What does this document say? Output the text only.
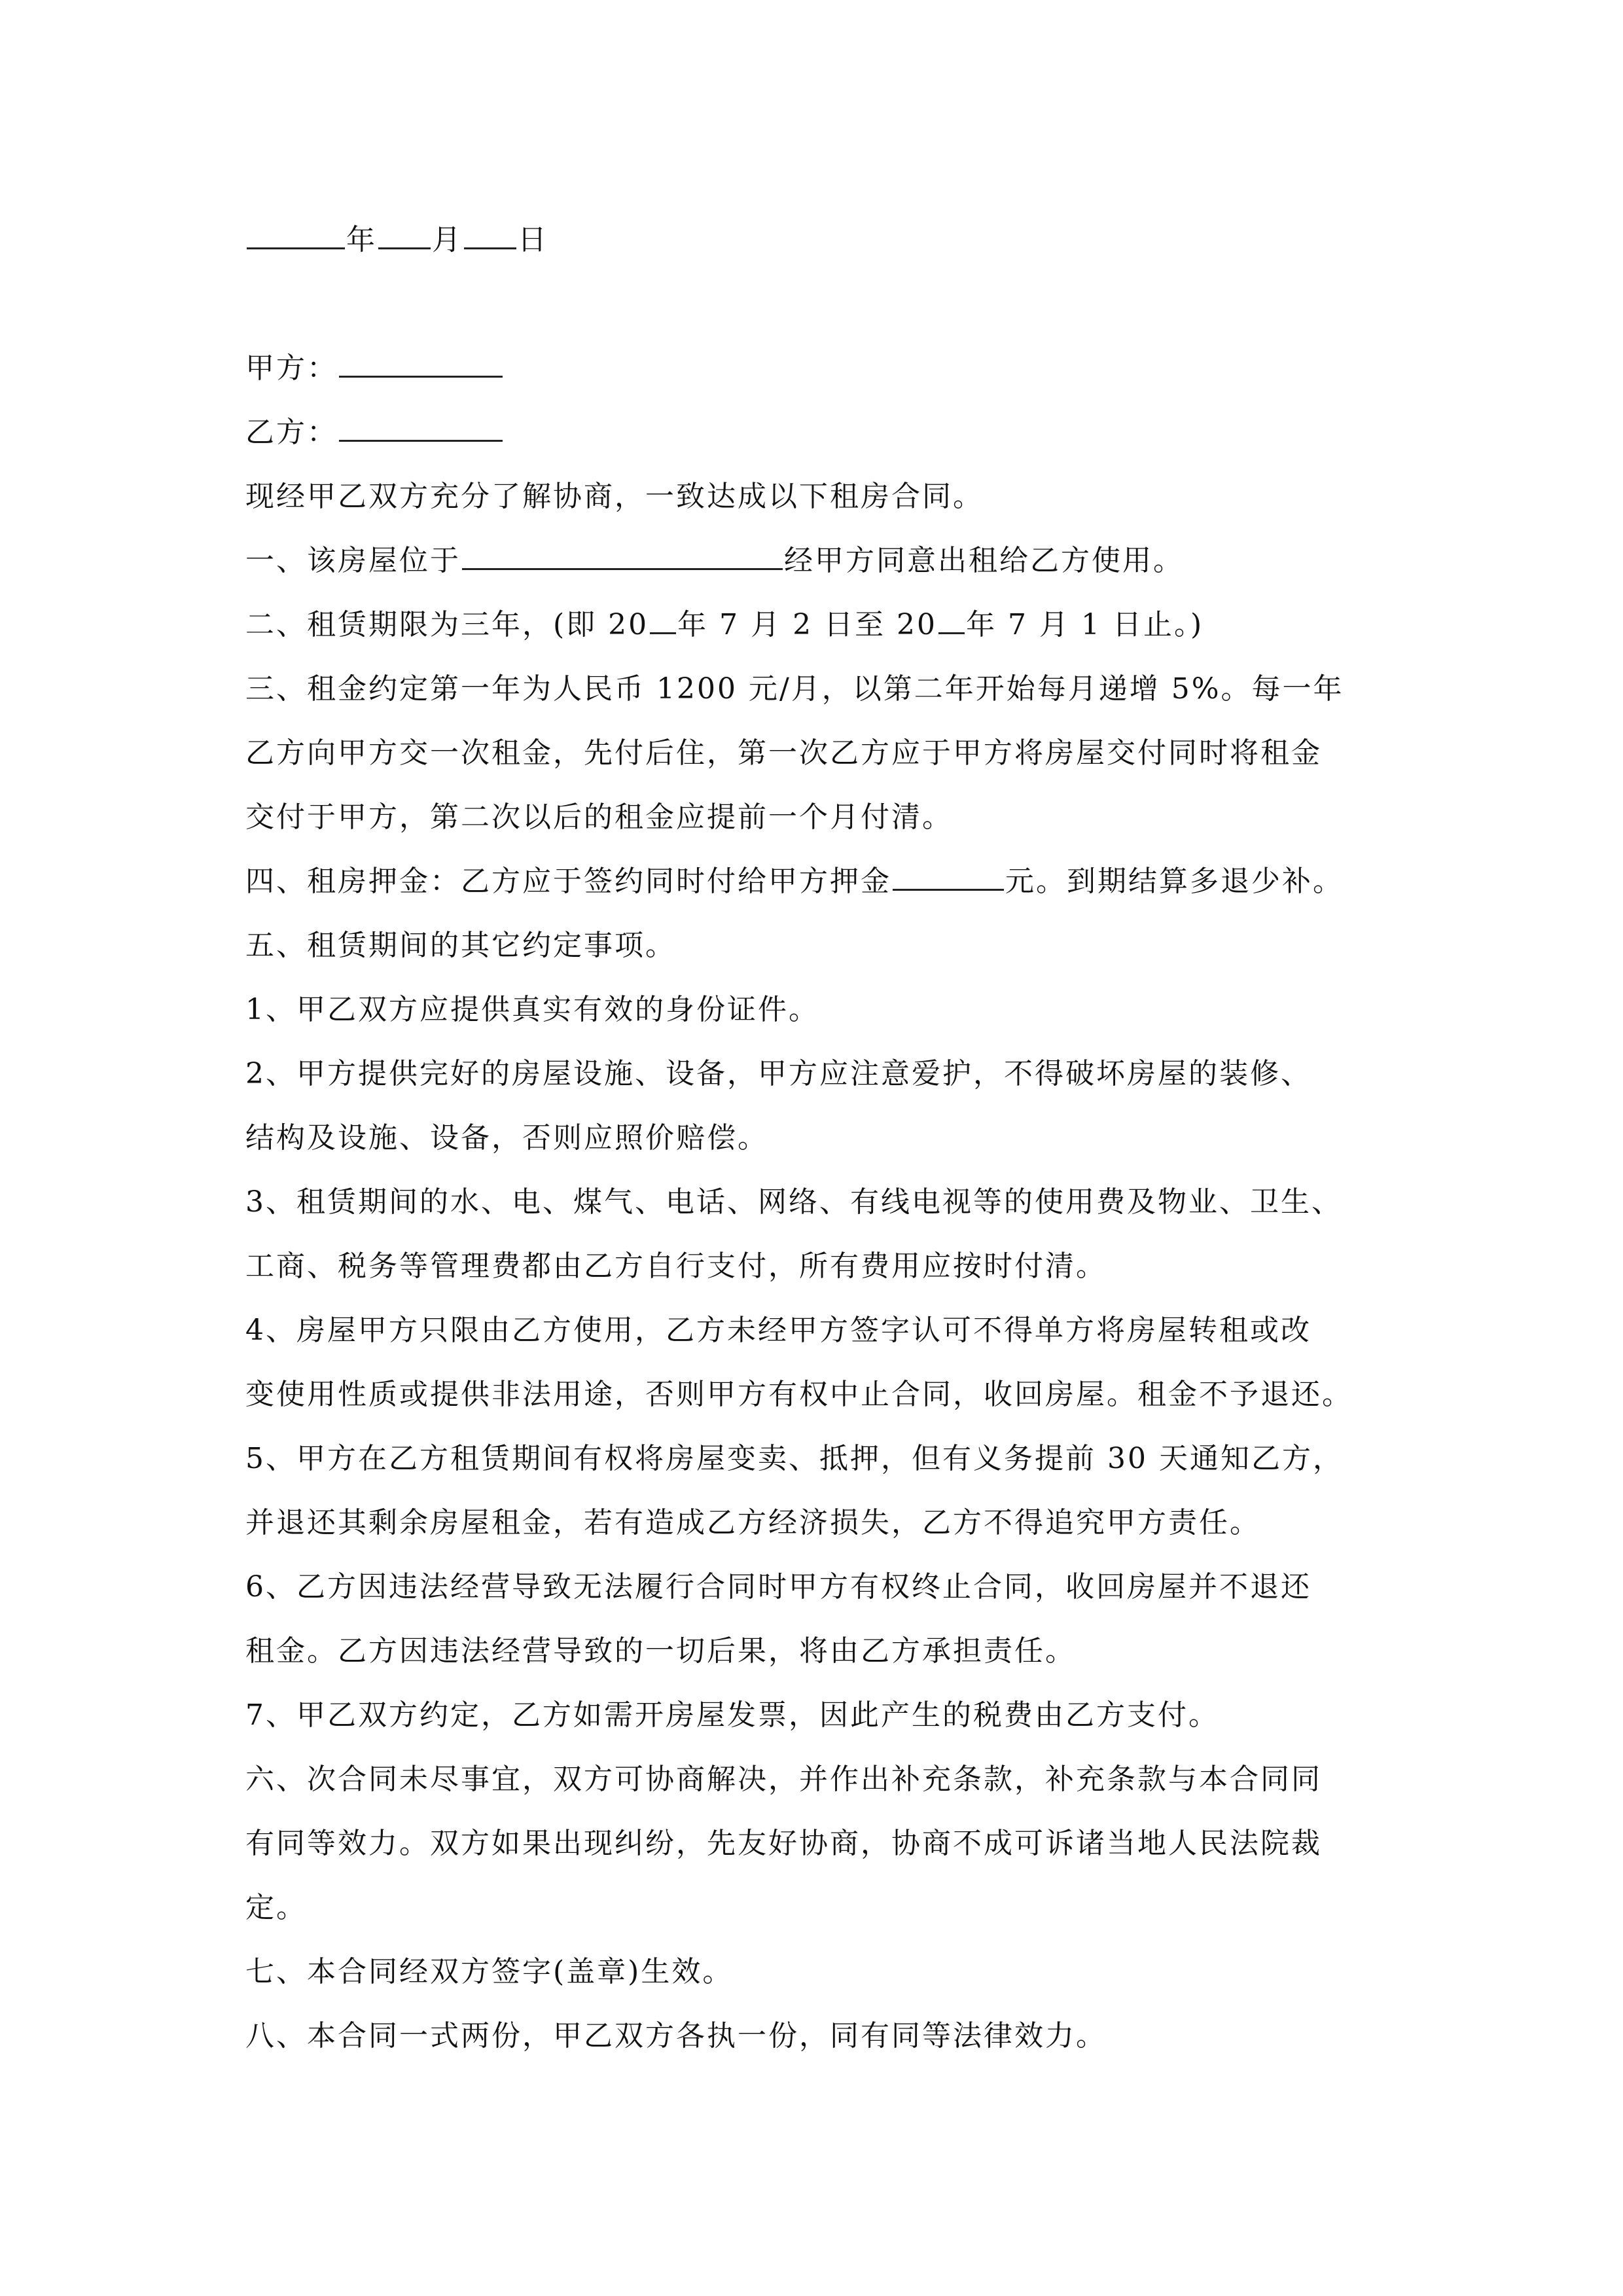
年 月 日
甲方：
乙方：
现经甲乙双方充分了解协商，一致达成以下租房合同。
一、该房屋位于	经甲方同意出租给乙方使用。
二、租赁期限为三年，(即 20 年 7 月 2 日至 20 年 7 月 1 日止。)
三、租金约定第一年为人民币 1200 元/月，以第二年开始每月递增 5%。每一年
乙方向甲方交一次租金，先付后住，第一次乙方应于甲方将房屋交付同时将租金
交付于甲方，第二次以后的租金应提前一个月付清。
四、租房押金：乙方应于签约同时付给甲方押金	元。到期结算多退少补。
五、租赁期间的其它约定事项。
1、甲乙双方应提供真实有效的身份证件。
2、甲方提供完好的房屋设施、设备，甲方应注意爱护，不得破坏房屋的装修、
结构及设施、设备，否则应照价赔偿。
3、租赁期间的水、电、煤气、电话、网络、有线电视等的使用费及物业、卫生、
工商、税务等管理费都由乙方自行支付，所有费用应按时付清。
4、房屋甲方只限由乙方使用，乙方未经甲方签字认可不得单方将房屋转租或改
变使用性质或提供非法用途，否则甲方有权中止合同，收回房屋。租金不予退还。
5、甲方在乙方租赁期间有权将房屋变卖、抵押，但有义务提前 30 天通知乙方，
并退还其剩余房屋租金，若有造成乙方经济损失，乙方不得追究甲方责任。
6、乙方因违法经营导致无法履行合同时甲方有权终止合同，收回房屋并不退还
租金。乙方因违法经营导致的一切后果，将由乙方承担责任。
7、甲乙双方约定，乙方如需开房屋发票，因此产生的税费由乙方支付。
六、次合同未尽事宜，双方可协商解决，并作出补充条款，补充条款与本合同同
有同等效力。双方如果出现纠纷，先友好协商，协商不成可诉诸当地人民法院裁
定。
七、本合同经双方签字(盖章)生效。
八、本合同一式两份，甲乙双方各执一份，同有同等法律效力。
